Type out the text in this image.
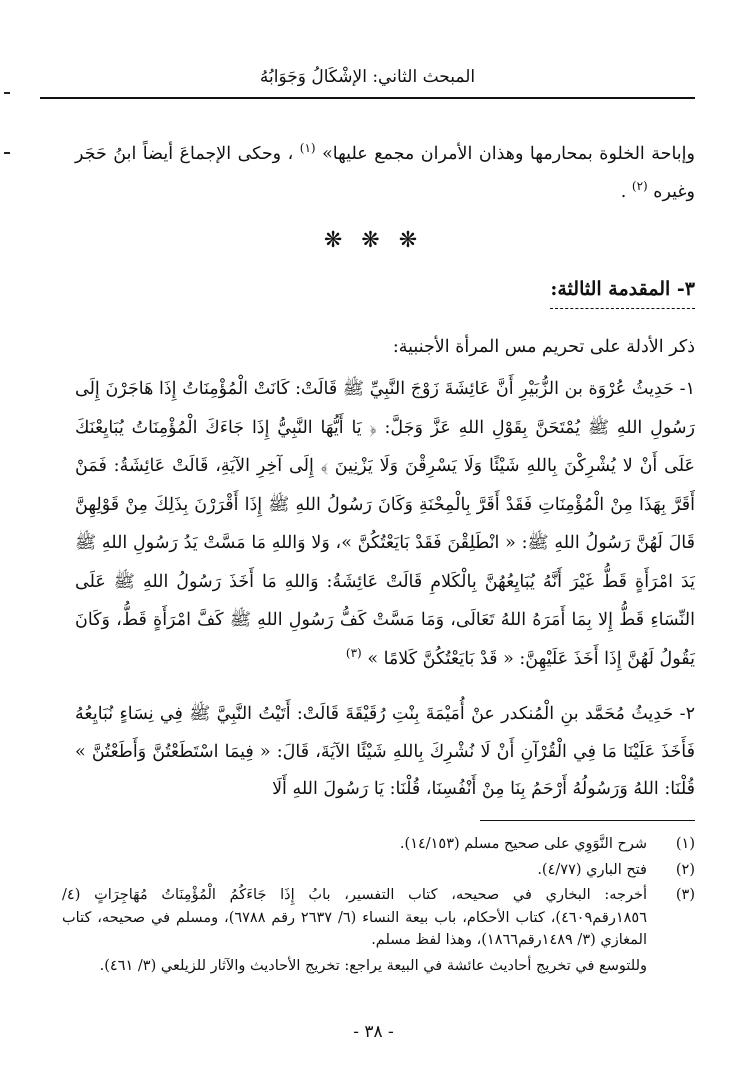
المبحث الثاني: الإشْكَالُ وَجَوَابُهُ
وإباحة الخلوة بمحارمها وهذان الأمران مجمع عليها» $^{(١)}$ ، وحكى الإجماعَ أيضاً ابنُ حَجَر وغيره $^{(٢)}$ .
❋ ❋ ❋
٣- المقدمة الثالثة:
ذكر الأدلة على تحريم مس المرأة الأجنبية:
١- حَدِيثُ عُرْوَة بن الزُّبَيْرِ أَنَّ عَائِشَةَ زَوْجَ النَّبِيِّ ﷺ قَالَتْ: كَانَتْ الْمُؤْمِنَاتُ إِذَا هَاجَرْنَ إِلَى رَسُولِ اللهِ ﷺ يُمْتَحَنَّ بِقَوْلِ اللهِ عَزَّ وَجَلَّ: ﴿ يَا أَيُّهَا النَّبِيُّ إِذَا جَاءَكَ الْمُؤْمِنَاتُ يُبَايِعْنَكَ عَلَى أَنْ لا يُشْرِكْنَ بِاللهِ شَيْئًا وَلَا يَسْرِقْنَ وَلَا يَزْنِينَ ﴾ إِلَى آخِرِ الآيَةِ، قَالَتْ عَائِشَةُ: فَمَنْ أَقَرَّ بِهَذَا مِنْ الْمُؤْمِنَاتِ فَقَدْ أَقَرَّ بِالْمِحْنَةِ وَكَانَ رَسُولُ اللهِ ﷺ إِذَا أَقْرَرْنَ بِذَلِكَ مِنْ قَوْلِهِنَّ قَالَ لَهُنَّ رَسُولُ اللهِ ﷺ: « انْطَلِقْنَ فَقَدْ بَايَعْتُكُنَّ »، وَلا وَاللهِ مَا مَسَّتْ يَدُ رَسُولِ اللهِ ﷺ يَدَ امْرَأَةٍ قَطُّ غَيْرَ أَنَّهُ يُبَايِعُهُنَّ بِالْكَلامِ قَالَتْ عَائِشَةُ: وَاللهِ مَا أَخَذَ رَسُولُ اللهِ ﷺ عَلَى النِّسَاءِ قَطُّ إِلا بِمَا أَمَرَهُ اللهُ تَعَالَى، وَمَا مَسَّتْ كَفُّ رَسُولِ اللهِ ﷺ كَفَّ امْرَأَةٍ قَطُّ، وَكَانَ يَقُولُ لَهُنَّ إِذَا أَخَذَ عَلَيْهِنَّ: « قَدْ بَايَعْتُكُنَّ كَلامًا » $^{(٣)}$
٢- حَدِيثُ مُحَمَّد بنِ الْمُنكدر عنْ أُمَيْمَةَ بِنْتِ رُقَيْقَةَ قَالَتْ: أَتَيْتُ النَّبِيَّ ﷺ فِي نِسَاءٍ نُبَايِعُهُ فَأَخَذَ عَلَيْنَا مَا فِي الْقُرْآنِ أَنْ لَا نُشْرِكَ بِاللهِ شَيْئًا الآيَةَ، قَالَ: « فِيمَا اسْتَطَعْتُنَّ وَأَطَعْتُنَّ » قُلْنَا: اللهُ وَرَسُولُهُ أَرْحَمُ بِنَا مِنْ أَنْفُسِنَا، قُلْنَا: يَا رَسُولَ اللهِ أَلَا
(١)
شرح النَّوَوِي على صحيح مسلم (١٤/١٥٣).
(٢)
فتح الباري (٤/٧٧).
(٣)
أخرجه: البخاري في صحيحه، كتاب التفسير، بابُ إِذَا جَاءَكُمُ الْمُؤْمِنَاتُ مُهَاجِرَاتٍ (٤/ ١٨٥٦رقم٤٦٠٩)، كتاب الأحكام، باب بيعة النساء (٦/ ٢٦٣٧ رقم ٦٧٨٨)، ومسلم في صحيحه، كتاب المغازي (٣/ ١٤٨٩رقم١٨٦٦)، وهذا لفظ مسلم.
وللتوسع في تخريج أحاديث عائشة في البيعة يراجع: تخريج الأحاديث والآثار للزيلعي (٣/ ٤٦١).
- ٣٨ -
